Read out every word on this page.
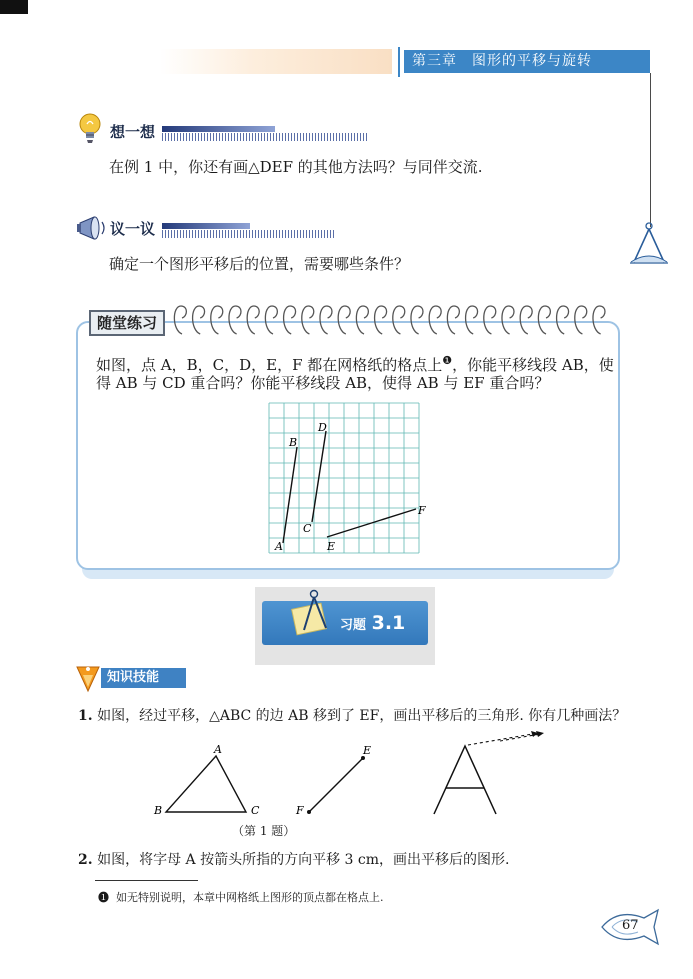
第三章　图形的平移与旋转
想一想
在例 1 中，你还有画△DEF 的其他方法吗？与同伴交流.
议一议
确定一个图形平移后的位置，需要哪些条件？
随堂练习
如图，点 A，B，C，D，E，F 都在网格纸的格点上$^❶$，你能平移线段 AB，使
得 AB 与 CD 重合吗？你能平移线段 AB，使得 AB 与 EF 重合吗？
A
B
C
D
E
F
习题 3.1
知识技能
1. 如图，经过平移，△ABC 的边 AB 移到了 EF，画出平移后的三角形. 你有几种画法？
A
B	C
E
F
（第 1 题）
2. 如图，将字母 A 按箭头所指的方向平移 3 cm，画出平移后的图形.
❶ 如无特别说明，本章中网格纸上图形的顶点都在格点上.
67
